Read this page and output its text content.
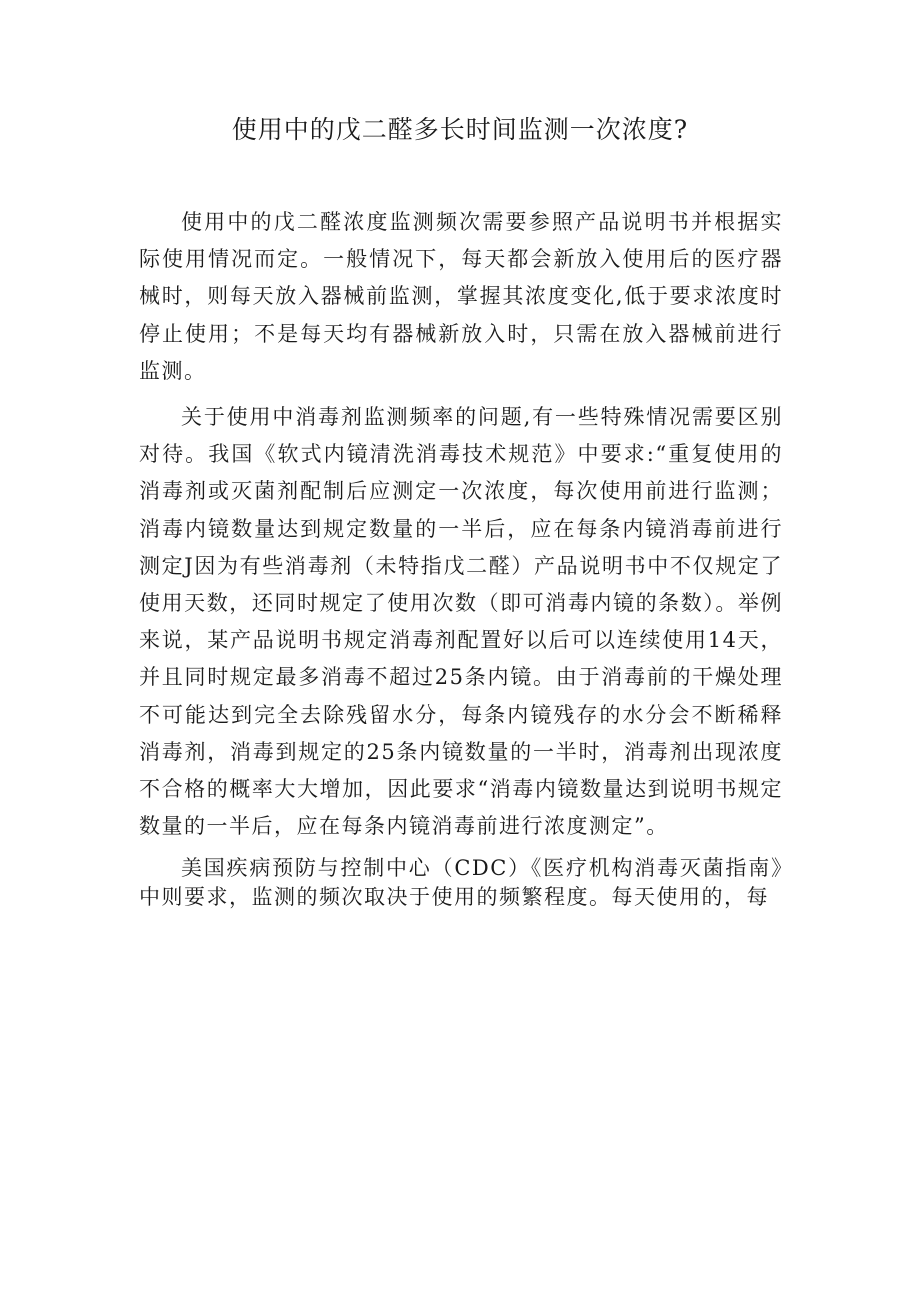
使用中的戊二醛多长时间监测一次浓度?

使用中的戊二醛浓度监测频次需要参照产品说明书并根据实际使用情况而定。一般情况下，每天都会新放入使用后的医疗器械时，则每天放入器械前监测，掌握其浓度变化,低于要求浓度时停止使用；不是每天均有器械新放入时，只需在放入器械前进行监测。

关于使用中消毒剂监测频率的问题,有一些特殊情况需要区别对待。我国《软式内镜清洗消毒技术规范》中要求:“重复使用的消毒剂或灭菌剂配制后应测定一次浓度，每次使用前进行监测；消毒内镜数量达到规定数量的一半后，应在每条内镜消毒前进行测定J因为有些消毒剂（未特指戊二醛）产品说明书中不仅规定了使用天数，还同时规定了使用次数（即可消毒内镜的条数）。举例来说，某产品说明书规定消毒剂配置好以后可以连续使用14天，并且同时规定最多消毒不超过25条内镜。由于消毒前的干燥处理不可能达到完全去除残留水分，每条内镜残存的水分会不断稀释消毒剂，消毒到规定的25条内镜数量的一半时，消毒剂出现浓度不合格的概率大大增加，因此要求“消毒内镜数量达到说明书规定数量的一半后，应在每条内镜消毒前进行浓度测定”。

美国疾病预防与控制中心（CDC）《医疗机构消毒灭菌指南》中则要求，监测的频次取决于使用的频繁程度。每天使用的，每
